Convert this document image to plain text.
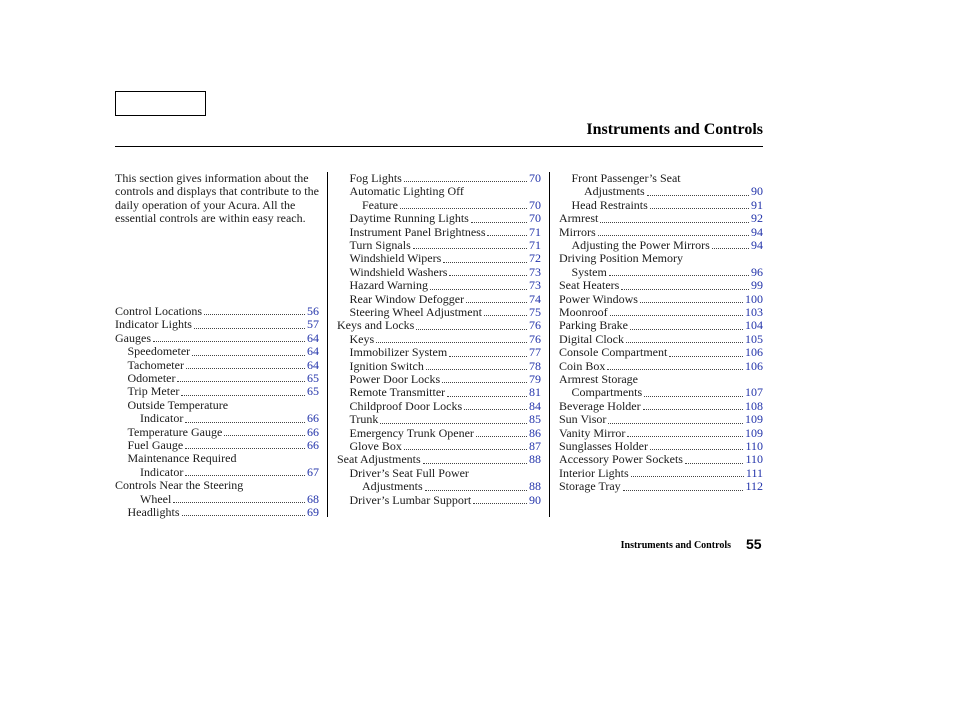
Instruments and Controls

This section gives information about the controls and displays that contribute to the daily operation of your Acura. All the essential controls are within easy reach.

Control Locations	56
Indicator Lights	57
Gauges	64
Speedometer	64
Tachometer	64
Odometer	65
Trip Meter	65
Outside Temperature
Indicator	66
Temperature Gauge	66
Fuel Gauge	66
Maintenance Required
Indicator	67
Controls Near the Steering
Wheel	68
Headlights	69
Fog Lights	70
Automatic Lighting Off
Feature	70
Daytime Running Lights	70
Instrument Panel Brightness	71
Turn Signals	71
Windshield Wipers	72
Windshield Washers	73
Hazard Warning	73
Rear Window Defogger	74
Steering Wheel Adjustment	75
Keys and Locks	76
Keys	76
Immobilizer System	77
Ignition Switch	78
Power Door Locks	79
Remote Transmitter	81
Childproof Door Locks	84
Trunk	85
Emergency Trunk Opener	86
Glove Box	87
Seat Adjustments	88
Driver’s Seat Full Power
Adjustments	88
Driver’s Lumbar Support	90
Front Passenger’s Seat
Adjustments	90
Head Restraints	91
Armrest	92
Mirrors	94
Adjusting the Power Mirrors	94
Driving Position Memory
System	96
Seat Heaters	99
Power Windows	100
Moonroof	103
Parking Brake	104
Digital Clock	105
Console Compartment	106
Coin Box	106
Armrest Storage
Compartments	107
Beverage Holder	108
Sun Visor	109
Vanity Mirror	109
Sunglasses Holder	110
Accessory Power Sockets	110
Interior Lights	111
Storage Tray	112
Instruments and Controls 55
